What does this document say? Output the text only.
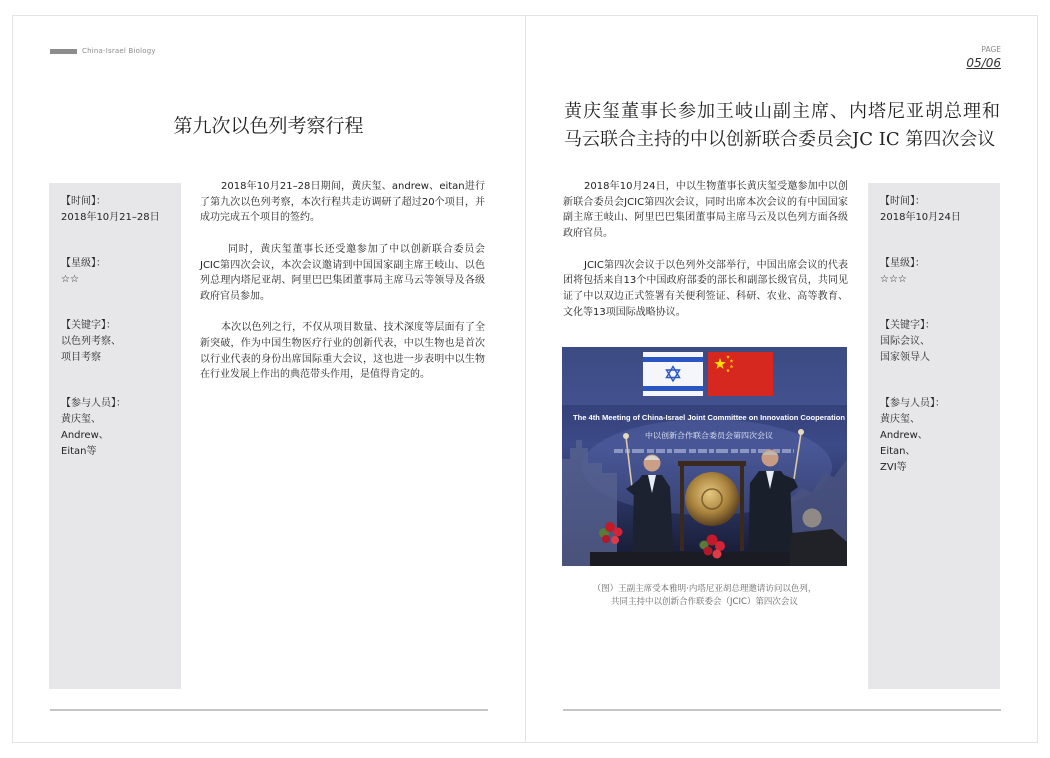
China-Israel Biology	PAGE
05/06
第九次以色列考察行程
【时间】：
2018年10月21–28日
【星级】：
☆☆
【关键字】：
以色列考察、
项目考察
【参与人员】：
黄庆玺、
Andrew、
Eitan等

2018年10月21–28日期间，黄庆玺、andrew、eitan进行了第九次以色列考察，本次行程共走访调研了超过20个项目，并成功完成五个项目的签约。

同时，黄庆玺董事长还受邀参加了中以创新联合委员会JCIC第四次会议，本次会议邀请到中国国家副主席王岐山、以色列总理内塔尼亚胡、阿里巴巴集团董事局主席马云等领导及各级政府官员参加。

本次以色列之行，不仅从项目数量、技术深度等层面有了全新突破，作为中国生物医疗行业的创新代表，中以生物也是首次以行业代表的身份出席国际重大会议，这也进一步表明中以生物在行业发展上作出的典范带头作用，是值得肯定的。

黄庆玺董事长参加王岐山副主席、内塔尼亚胡总理和
马云联合主持的中以创新联合委员会JC IC 第四次会议

2018年10月24日，中以生物董事长黄庆玺受邀参加中以创新联合委员会JCIC第四次会议，同时出席本次会议的有中国国家副主席王岐山、阿里巴巴集团董事局主席马云及以色列方面各级政府官员。

JCIC第四次会议于以色列外交部举行，中国出席会议的代表团将包括来自13个中国政府部委的部长和副部长级官员，共同见证了中以双边正式签署有关便利签证、科研、农业、高等教育、文化等13项国际战略协议。

The 4th Meeting of China-Israel Joint Committee on Innovation Cooperation
中以创新合作联合委员会第四次会议
（图）王副主席受本雅明·内塔尼亚胡总理邀请访问以色列，
共同主持中以创新合作联委会（JCIC）第四次会议
【时间】：
2018年10月24日
【星级】：
☆☆☆
【关键字】：
国际会议、
国家领导人
【参与人员】：
黄庆玺、
Andrew、
Eitan、
ZVI等
